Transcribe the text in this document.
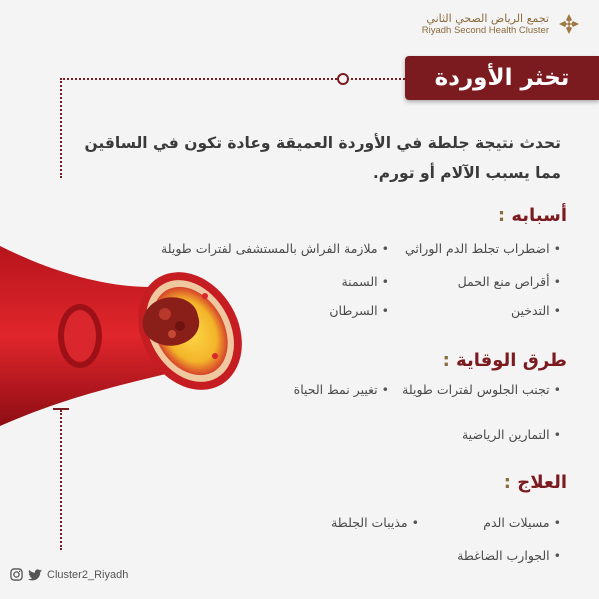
تجمع الرياض الصحي الثاني
Riyadh Second Health Cluster
تخثر الأوردة
تحدث نتيجة جلطة في الأوردة العميقة وعادة تكون في الساقين مما يسبب الآلام أو تورم.
أسبابه :
•اضطراب تجلط الدم الوراثي
•ملازمة الفراش بالمستشفى لفترات طويلة
•أقراص منع الحمل
•السمنة
•التدخين
•السرطان
طرق الوقاية :
•تجنب الجلوس لفترات طويلة
•تغيير نمط الحياة
•التمارين الرياضية
العلاج :
•مسيلات الدم
•مذيبات الجلطة
•الجوارب الضاغطة
Cluster2_Riyadh
